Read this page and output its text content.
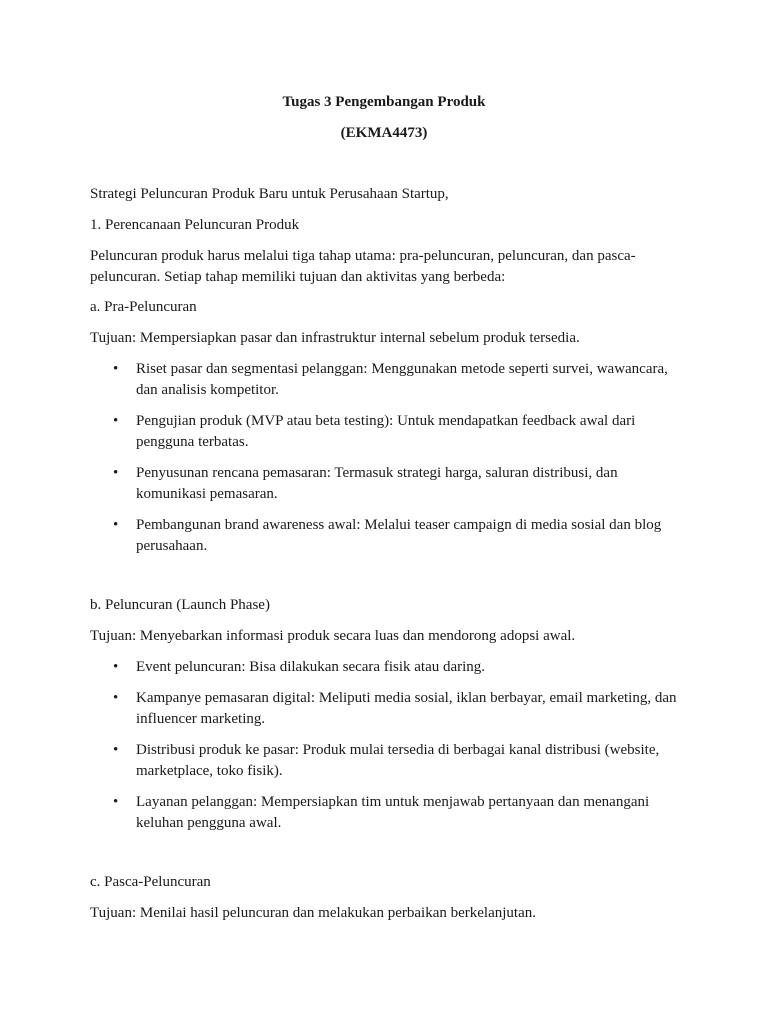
Tugas 3 Pengembangan Produk

(EKMA4473)

Strategi Peluncuran Produk Baru untuk Perusahaan Startup,

1. Perencanaan Peluncuran Produk

Peluncuran produk harus melalui tiga tahap utama: pra-peluncuran, peluncuran, dan pasca-peluncuran. Setiap tahap memiliki tujuan dan aktivitas yang berbeda:

a. Pra-Peluncuran

Tujuan: Mempersiapkan pasar dan infrastruktur internal sebelum produk tersedia.

• Riset pasar dan segmentasi pelanggan: Menggunakan metode seperti survei, wawancara, dan analisis kompetitor.
• Pengujian produk (MVP atau beta testing): Untuk mendapatkan feedback awal dari pengguna terbatas.
• Penyusunan rencana pemasaran: Termasuk strategi harga, saluran distribusi, dan komunikasi pemasaran.
• Pembangunan brand awareness awal: Melalui teaser campaign di media sosial dan blog perusahaan.

b. Peluncuran (Launch Phase)

Tujuan: Menyebarkan informasi produk secara luas dan mendorong adopsi awal.

• Event peluncuran: Bisa dilakukan secara fisik atau daring.
• Kampanye pemasaran digital: Meliputi media sosial, iklan berbayar, email marketing, dan influencer marketing.
• Distribusi produk ke pasar: Produk mulai tersedia di berbagai kanal distribusi (website, marketplace, toko fisik).
• Layanan pelanggan: Mempersiapkan tim untuk menjawab pertanyaan dan menangani keluhan pengguna awal.

c. Pasca-Peluncuran

Tujuan: Menilai hasil peluncuran dan melakukan perbaikan berkelanjutan.
